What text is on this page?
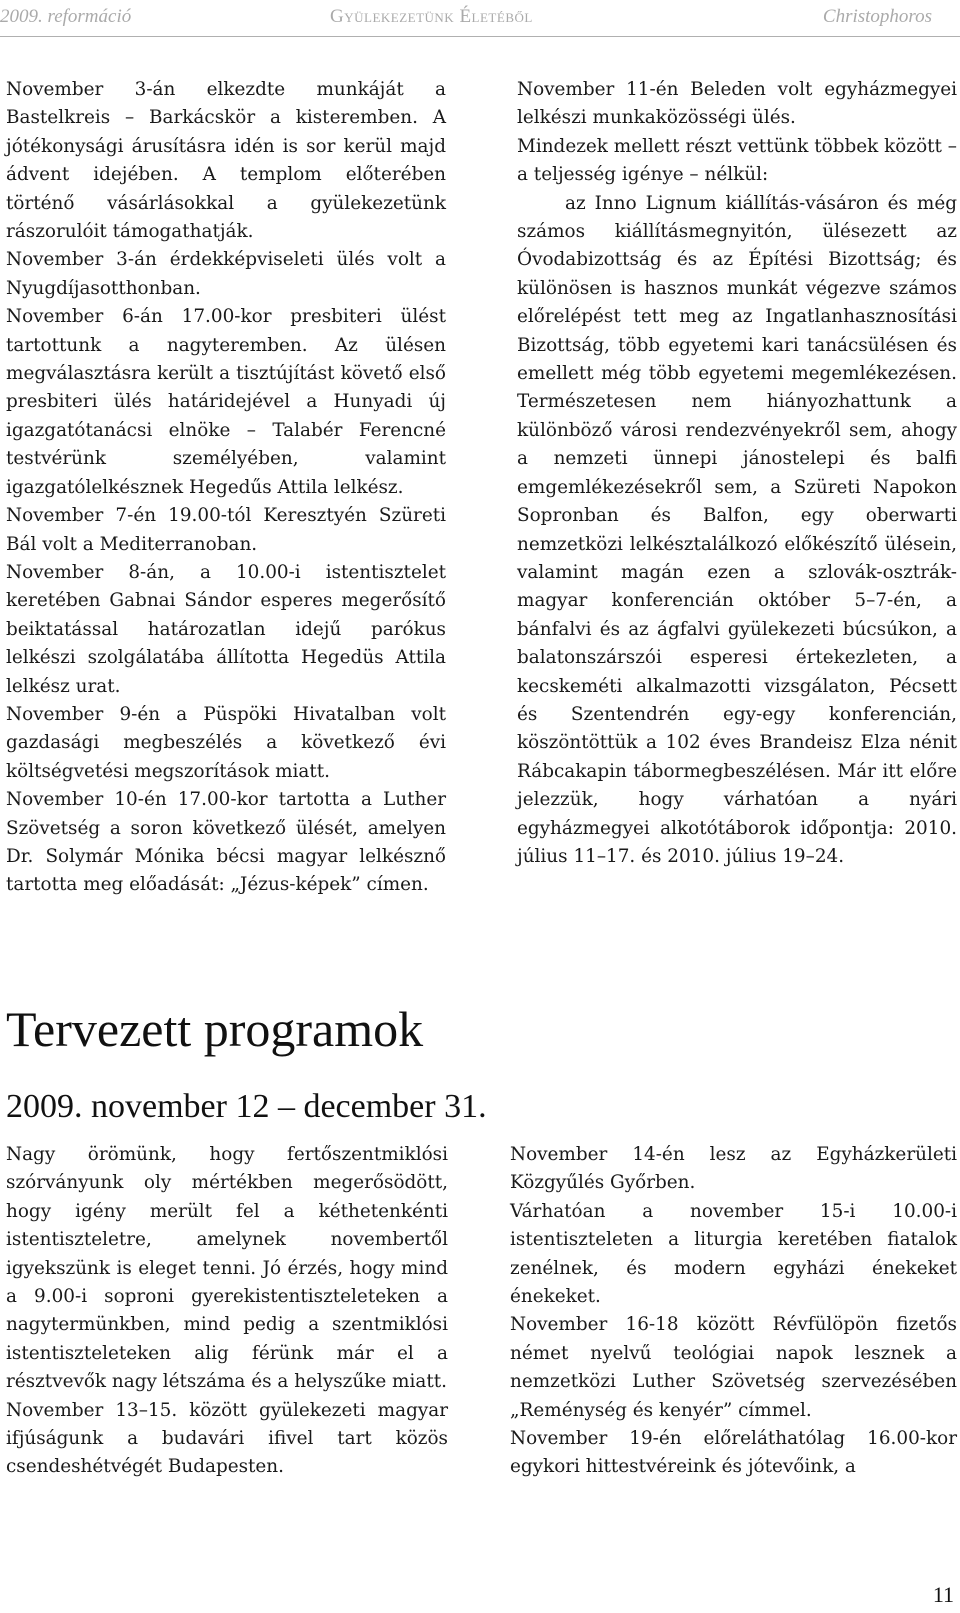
2009. reformáció	Gyülekezetünk Életéből	Christophoros

November 3-án elkezdte munkáját a Bastelkreis – Barkácskör a kisteremben. A jótékonysági árusításra idén is sor kerül majd ádvent idejében. A templom előterében történő vásárlásokkal a gyülekezetünk rászorulóit támogathatják.

November 3-án érdekképviseleti ülés volt a Nyugdíjasotthonban.

November 6-án 17.00-kor presbiteri ülést tartottunk a nagyteremben. Az ülésen megválasztásra került a tisztújítást követő első presbiteri ülés határidejével a Hunyadi új igazgatótanácsi elnöke – Talabér Ferencné testvérünk személyében, valamint igazgatólelkésznek Hegedűs Attila lelkész.

November 7-én 19.00-tól Keresztyén Szüreti Bál volt a Mediterranoban.

November 8-án, a 10.00-i istentisztelet keretében Gabnai Sándor esperes megerősítő beiktatással határozatlan idejű parókus lelkészi szolgálatába állította Hegedüs Attila lelkész urat.

November 9-én a Püspöki Hivatalban volt gazdasági megbeszélés a következő évi költségvetési megszorítások miatt.

November 10-én 17.00-kor tartotta a Luther Szövetség a soron következő ülését, amelyen Dr. Solymár Mónika bécsi magyar lelkésznő tartotta meg előadását: „Jézus-képek” címen.

November 11-én Beleden volt egyházmegyei lelkészi munkaközösségi ülés.

Mindezek mellett részt vettünk többek között – a teljesség igénye – nélkül:

az Inno Lignum kiállítás-vásáron és még számos kiállításmegnyitón, ülésezett az Óvodabizottság és az Építési Bizottság; és különösen is hasznos munkát végezve számos előrelépést tett meg az Ingatlanhasznosítási Bizottság, több egyetemi kari tanácsülésen és emellett még több egyetemi megemlékezésen. Természetesen nem hiányozhattunk a különböző városi rendezvényekről sem, ahogy a nemzeti ünnepi jánostelepi és balfi emgemlékezésekről sem, a Szüreti Napokon Sopronban és Balfon, egy oberwarti nemzetközi lelkésztalálkozó előkészítő ülésein, valamint magán ezen a szlovák-osztrák-magyar konferencián október 5–7-én, a bánfalvi és az ágfalvi gyülekezeti búcsúkon, a balatonszárszói esperesi értekezleten, a kecskeméti alkalmazotti vizsgálaton, Pécsett és Szentendrén egy-egy konferencián, köszöntöttük a 102 éves Brandeisz Elza nénit Rábcakapin tábormegbeszélésen. Már itt előre jelezzük, hogy várhatóan a nyári egyházmegyei alkotótáborok időpontja: 2010. július 11–17. és 2010. július 19–24.

Tervezett programok
2009. november 12 – december 31.

Nagy örömünk, hogy fertőszentmiklósi szórványunk oly mértékben megerősödött, hogy igény merült fel a kéthetenkénti istentiszteletre, amelynek novembertől igyekszünk is eleget tenni. Jó érzés, hogy mind a 9.00-i soproni gyerekistentiszteleteken a nagytermünkben, mind pedig a szentmiklósi istentiszteleteken alig férünk már el a résztvevők nagy létszáma és a helyszűke miatt.

November 13–15. között gyülekezeti magyar ifjúságunk a budavári ifivel tart közös csendeshétvégét Budapesten.

November 14-én lesz az Egyházkerületi Közgyűlés Győrben.

Várhatóan a november 15-i 10.00-i istentiszteleten a liturgia keretében fiatalok zenélnek, és modern egyházi énekeket énekeket.

November 16-18 között Révfülöpön fizetős német nyelvű teológiai napok lesznek a nemzetközi Luther Szövetség szervezésében „Reménység és kenyér” címmel.

November 19-én előreláthatólag 16.00-kor egykori hittestvéreink és jótevőink, a

11
